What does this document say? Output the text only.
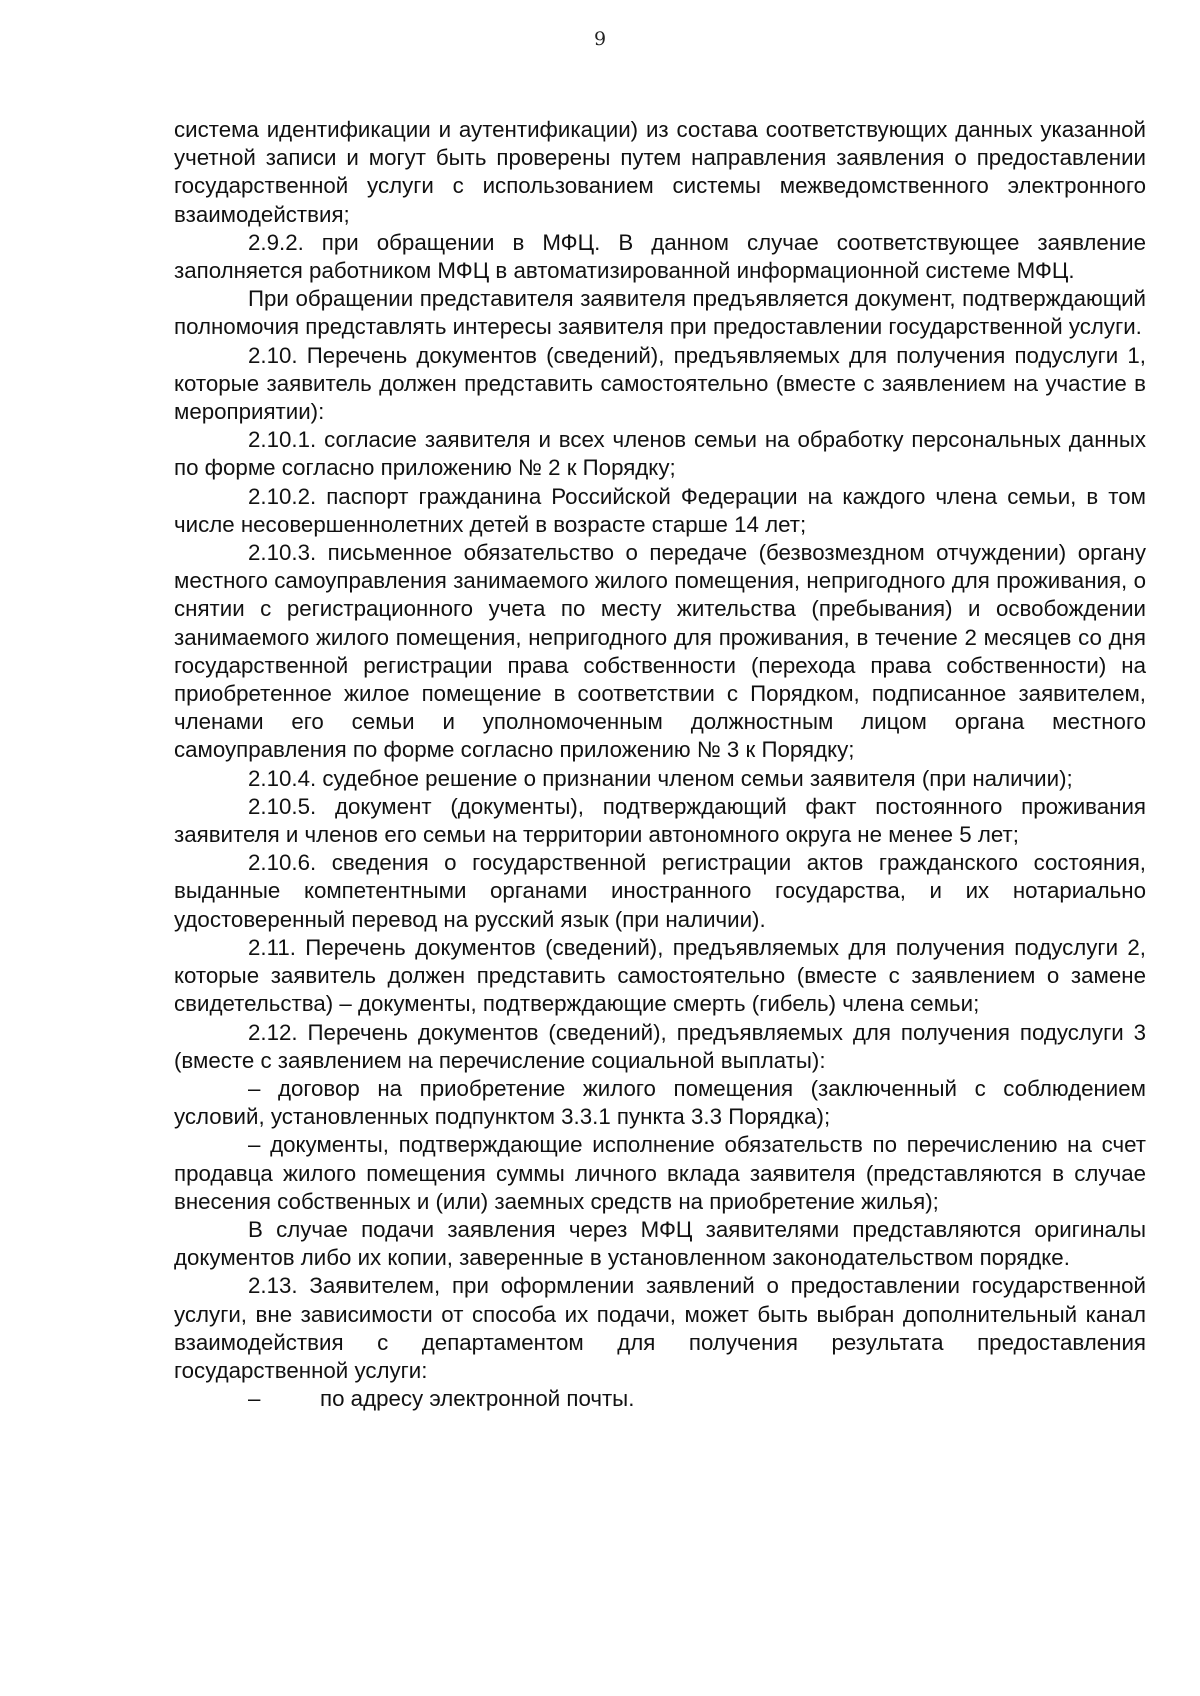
9

система идентификации и аутентификации) из состава соответствующих данных указанной учетной записи и могут быть проверены путем направления заявления о предоставлении государственной услуги с использованием системы межведомственного электронного взаимодействия;

2.9.2. при обращении в МФЦ. В данном случае соответствующее заявление заполняется работником МФЦ в автоматизированной информационной системе МФЦ.

При обращении представителя заявителя предъявляется документ, подтверждающий полномочия представлять интересы заявителя при предоставлении государственной услуги.

2.10. Перечень документов (сведений), предъявляемых для получения подуслуги 1, которые заявитель должен представить самостоятельно (вместе с заявлением на участие в мероприятии):

2.10.1. согласие заявителя и всех членов семьи на обработку персональных данных по форме согласно приложению № 2 к Порядку;

2.10.2. паспорт гражданина Российской Федерации на каждого члена семьи, в том числе несовершеннолетних детей в возрасте старше 14 лет;

2.10.3. письменное обязательство о передаче (безвозмездном отчуждении) органу местного самоуправления занимаемого жилого помещения, непригодного для проживания, о снятии с регистрационного учета по месту жительства (пребывания) и освобождении занимаемого жилого помещения, непригодного для проживания, в течение 2 месяцев со дня государственной регистрации права собственности (перехода права собственности) на приобретенное жилое помещение в соответствии с Порядком, подписанное заявителем, членами его семьи и уполномоченным должностным лицом органа местного самоуправления по форме согласно приложению № 3 к Порядку;

2.10.4. судебное решение о признании членом семьи заявителя (при наличии);

2.10.5. документ (документы), подтверждающий факт постоянного проживания заявителя и членов его семьи на территории автономного округа не менее 5 лет;

2.10.6. сведения о государственной регистрации актов гражданского состояния, выданные компетентными органами иностранного государства, и их нотариально удостоверенный перевод на русский язык (при наличии).

2.11. Перечень документов (сведений), предъявляемых для получения подуслуги 2, которые заявитель должен представить самостоятельно (вместе с заявлением о замене свидетельства) – документы, подтверждающие смерть (гибель) члена семьи;

2.12. Перечень документов (сведений), предъявляемых для получения подуслуги 3 (вместе с заявлением на перечисление социальной выплаты):

– договор на приобретение жилого помещения (заключенный с соблюдением условий, установленных подпунктом 3.3.1 пункта 3.3 Порядка);

– документы, подтверждающие исполнение обязательств по перечислению на счет продавца жилого помещения суммы личного вклада заявителя (представляются в случае внесения собственных и (или) заемных средств на приобретение жилья);

В случае подачи заявления через МФЦ заявителями представляются оригиналы документов либо их копии, заверенные в установленном законодательством порядке.

2.13. Заявителем, при оформлении заявлений о предоставлении государственной услуги, вне зависимости от способа их подачи, может быть выбран дополнительный канал взаимодействия с департаментом для получения результата предоставления государственной услуги:

–	по адресу электронной почты.
